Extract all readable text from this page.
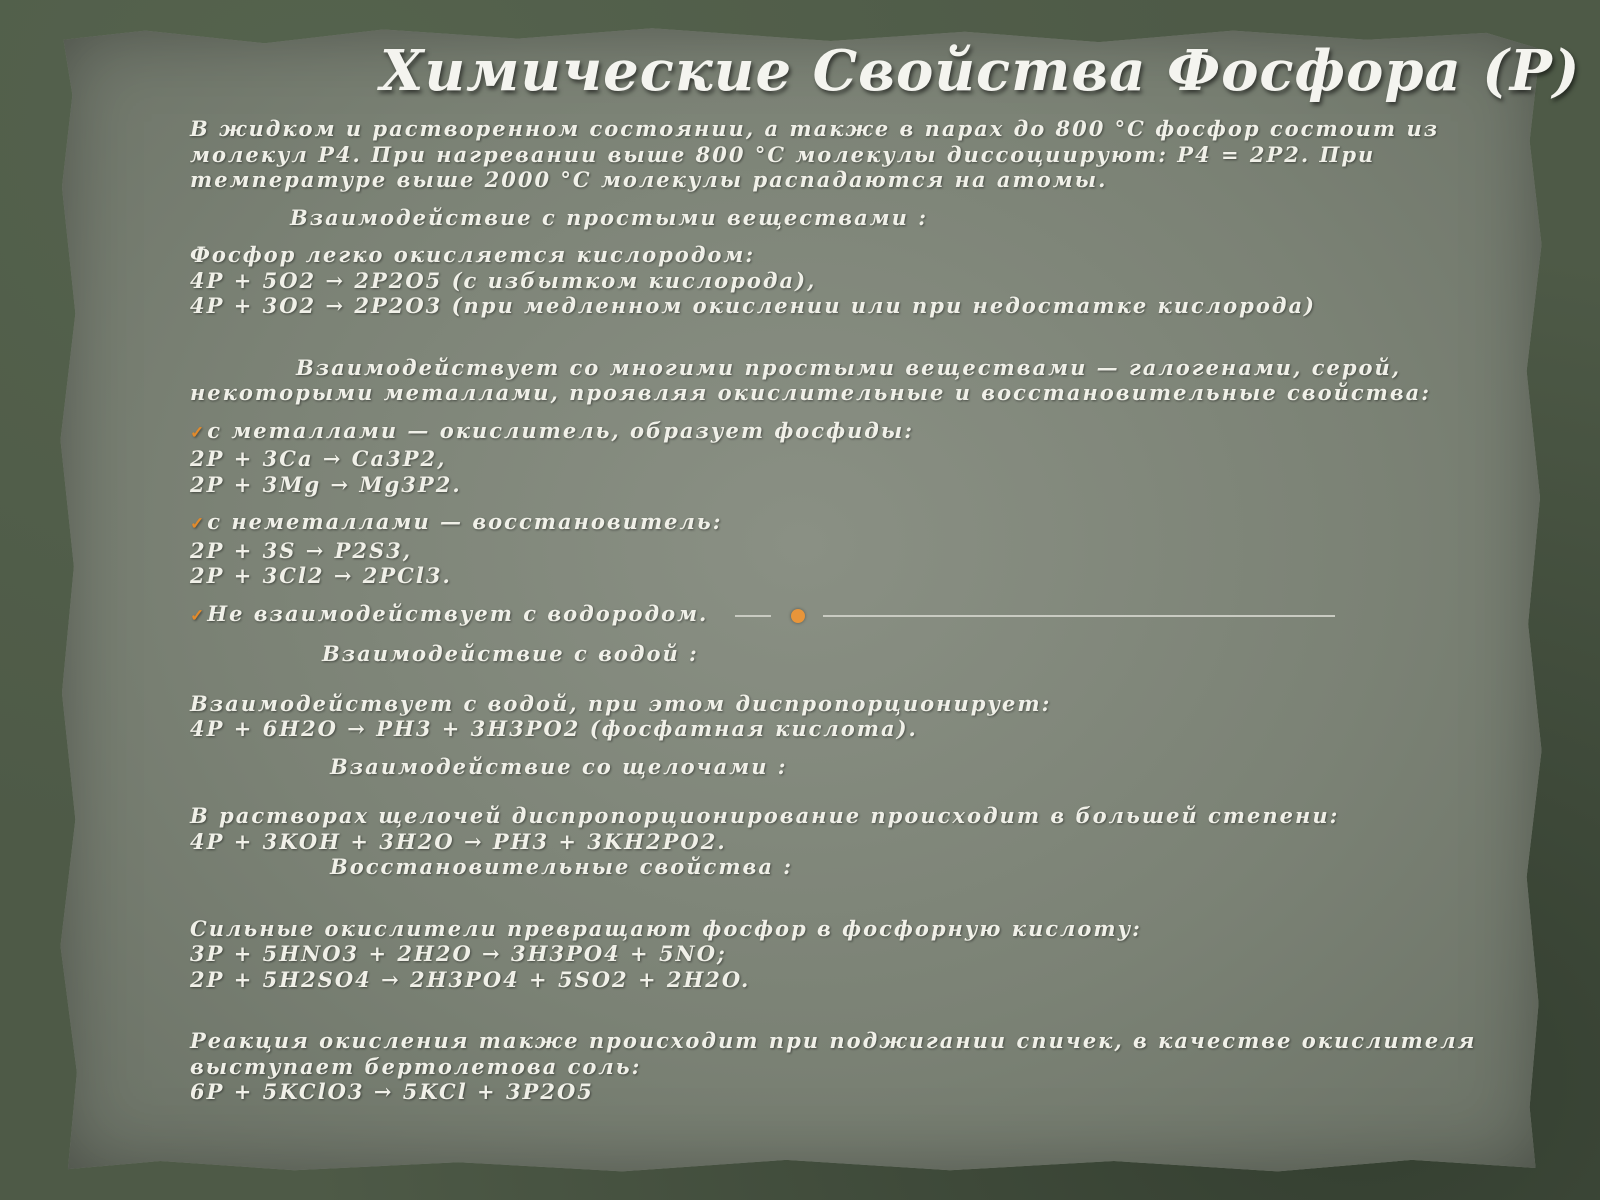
Химические Свойства Фосфора (Р)
В жидком и растворенном состоянии, а также в парах до 800 °C фосфор состоит из
молекул P4. При нагревании выше 800 °C молекулы диссоциируют: P4 = 2P2. При
температуре выше 2000 °C молекулы распадаются на атомы.
Взаимодействие с простыми веществами :
Фосфор легко окисляется кислородом:
4P + 5O2 → 2P2O5 (с избытком кислорода),
4P + 3O2 → 2P2O3 (при медленном окислении или при недостатке кислорода)
Взаимодействует со многими простыми веществами — галогенами, серой,
некоторыми металлами, проявляя окислительные и восстановительные свойства:
✓с металлами — окислитель, образует фосфиды:
2P + 3Ca → Ca3P2,
2P + 3Mg → Mg3P2.
✓с неметаллами — восстановитель:
2P + 3S → P2S3,
2P + 3Cl2 → 2PCl3.
✓Не взаимодействует с водородом.
Взаимодействие с водой :
Взаимодействует с водой, при этом диспропорционирует:
4Р + 6H2O → PH3 + 3H3PO2 (фосфатная кислота).
Взаимодействие со щелочами :
В растворах щелочей диспропорционирование происходит в большей степени:
4Р + 3KOH + 3H2O → PH3 + 3KH2PO2.
Восстановительные свойства :
Сильные окислители превращают фосфор в фосфорную кислоту:
3P + 5HNO3 + 2H2O → 3H3PO4 + 5NO;
2P + 5H2SO4 → 2H3PO4 + 5SO2 + 2H2O.
Реакция окисления также происходит при поджигании спичек, в качестве окислителя
выступает бертолетова соль:
6P + 5KClO3 → 5KCl + 3P2O5
